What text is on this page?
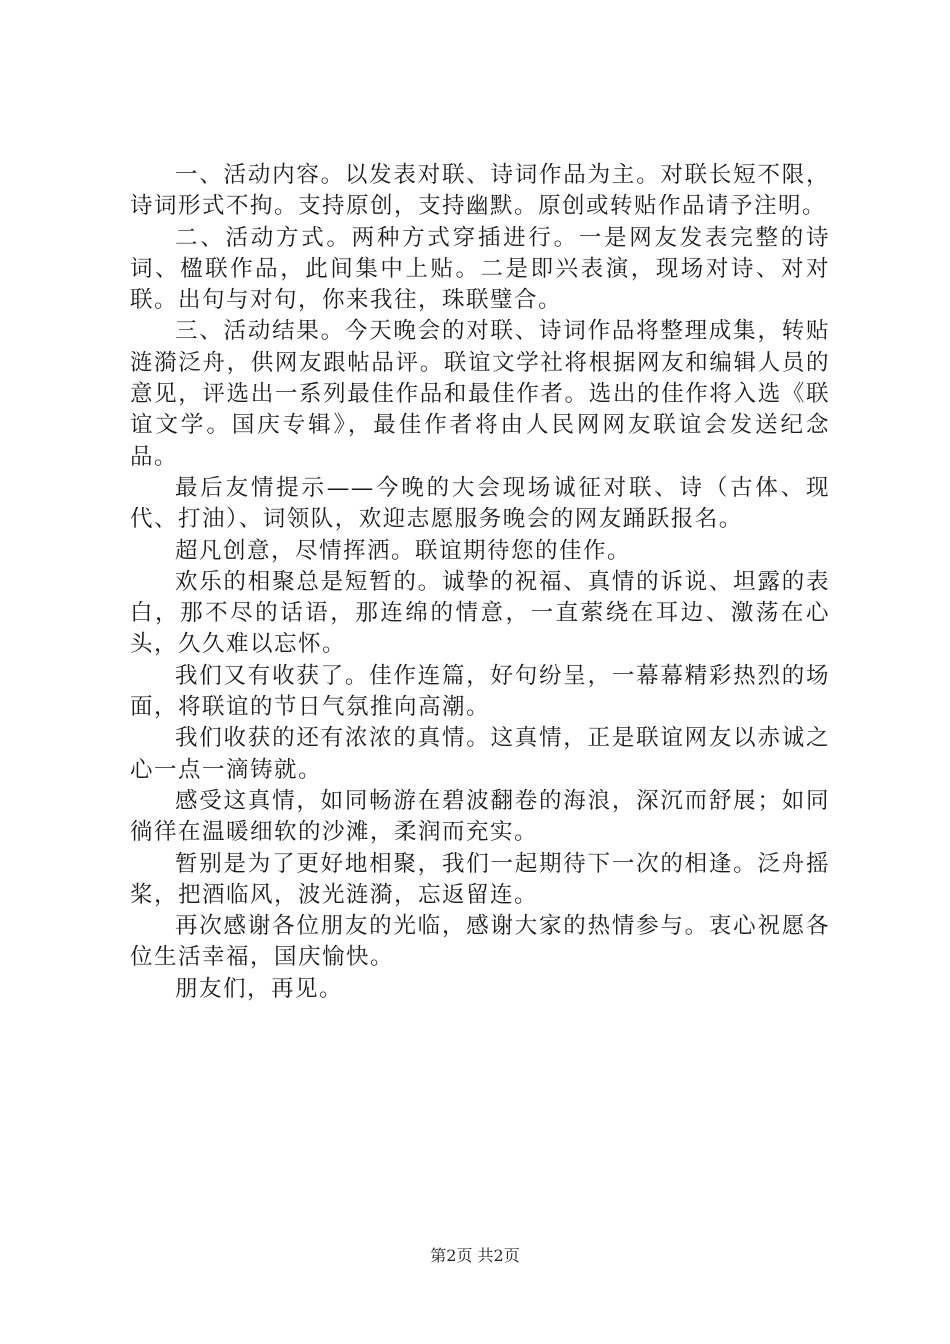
一、活动内容。以发表对联、诗词作品为主。对联长短不限，诗词形式不拘。支持原创，支持幽默。原创或转贴作品请予注明。

二、活动方式。两种方式穿插进行。一是网友发表完整的诗词、楹联作品，此间集中上贴。二是即兴表演，现场对诗、对对联。出句与对句，你来我往，珠联璧合。

三、活动结果。今天晚会的对联、诗词作品将整理成集，转贴涟漪泛舟，供网友跟帖品评。联谊文学社将根据网友和编辑人员的意见，评选出一系列最佳作品和最佳作者。选出的佳作将入选《联谊文学。国庆专辑》，最佳作者将由人民网网友联谊会发送纪念品。

最后友情提示——今晚的大会现场诚征对联、诗（古体、现代、打油）、词领队，欢迎志愿服务晚会的网友踊跃报名。

超凡创意，尽情挥洒。联谊期待您的佳作。

欢乐的相聚总是短暂的。诚挚的祝福、真情的诉说、坦露的表白，那不尽的话语，那连绵的情意，一直萦绕在耳边、激荡在心头，久久难以忘怀。

我们又有收获了。佳作连篇，好句纷呈，一幕幕精彩热烈的场面，将联谊的节日气氛推向高潮。

我们收获的还有浓浓的真情。这真情，正是联谊网友以赤诚之心一点一滴铸就。

感受这真情，如同畅游在碧波翻卷的海浪，深沉而舒展；如同徜徉在温暖细软的沙滩，柔润而充实。

暂别是为了更好地相聚，我们一起期待下一次的相逢。泛舟摇桨，把酒临风，波光涟漪，忘返留连。

再次感谢各位朋友的光临，感谢大家的热情参与。衷心祝愿各位生活幸福，国庆愉快。

朋友们，再见。

第2页 共2页
